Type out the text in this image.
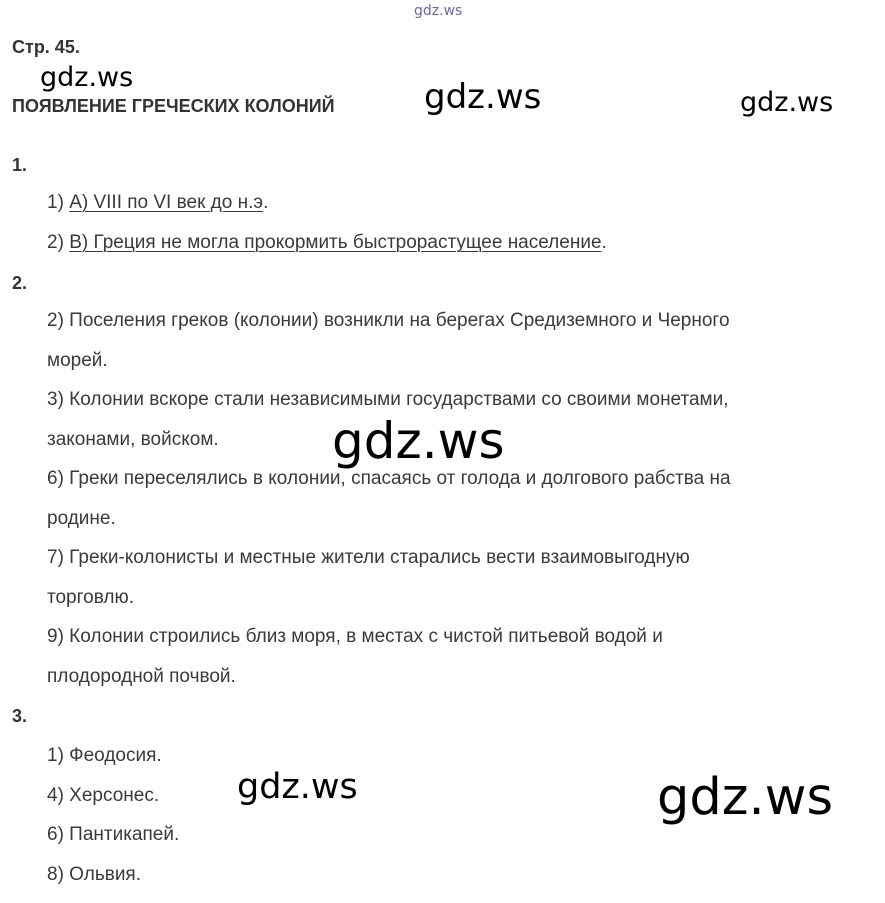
gdz.ws
gdz.ws	gdz.ws	gdz.ws
gdz.ws
gdz.ws	gdz.ws
Стр. 45.
ПОЯВЛЕНИЕ ГРЕЧЕСКИХ КОЛОНИЙ
1.
1) А) VIII по VI век до н.э.
2) В) Греция не могла прокормить быстрорастущее население.
2.
2) Поселения греков (колонии) возникли на берегах Средиземного и Черного
морей.
3) Колонии вскоре стали независимыми государствами со своими монетами,
законами, войском.
6) Греки переселялись в колонии, спасаясь от голода и долгового рабства на
родине.
7) Греки-колонисты и местные жители старались вести взаимовыгодную
торговлю.
9) Колонии строились близ моря, в местах с чистой питьевой водой и
плодородной почвой.
3.
1) Феодосия.
4) Херсонес.
6) Пантикапей.
8) Ольвия.
